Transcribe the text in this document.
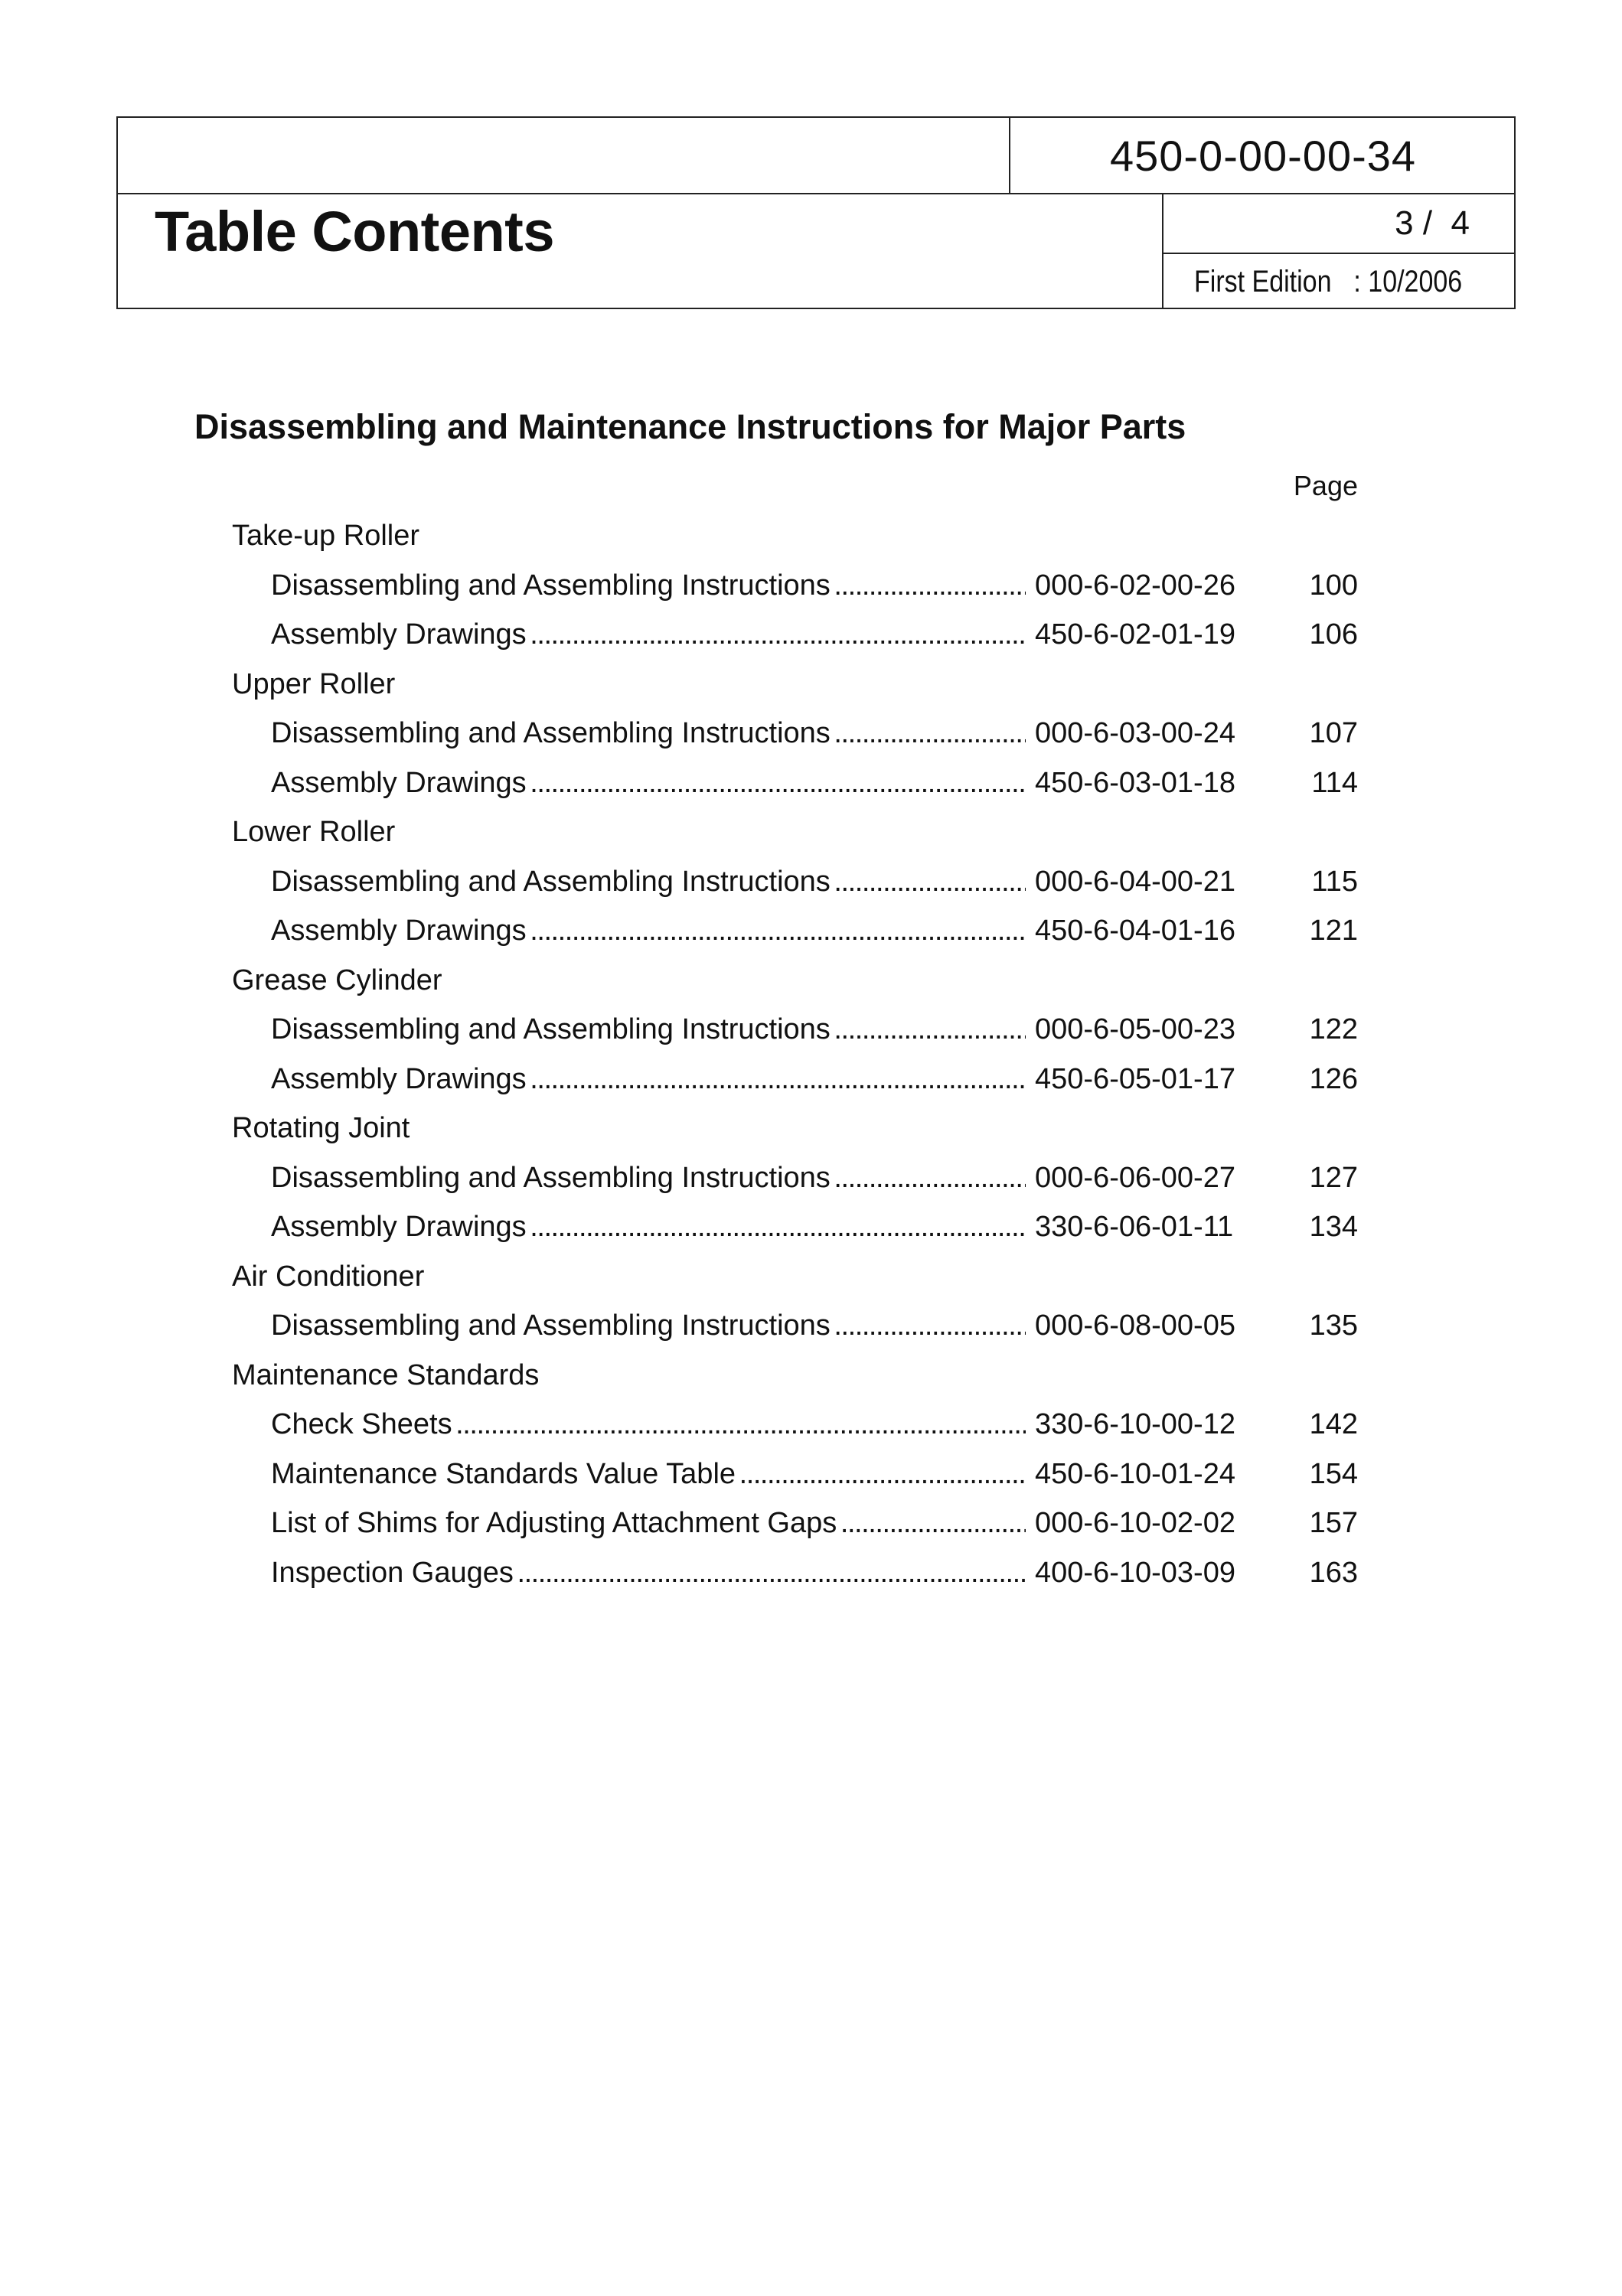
450-0-00-00-34
Table Contents	3 /  4
First Edition : 10/2006
Disassembling and Maintenance Instructions for Major Parts
Page
Take-up Roller
Disassembling and Assembling Instructions . . .	000-6-02-00-26	100
Assembly Drawings . . .	450-6-02-01-19	106
Upper Roller
Disassembling and Assembling Instructions . . .	000-6-03-00-24	107
Assembly Drawings . . .	450-6-03-01-18	114
Lower Roller
Disassembling and Assembling Instructions . . .	000-6-04-00-21	115
Assembly Drawings . . .	450-6-04-01-16	121
Grease Cylinder
Disassembling and Assembling Instructions . . .	000-6-05-00-23	122
Assembly Drawings . . .	450-6-05-01-17	126
Rotating Joint
Disassembling and Assembling Instructions . . .	000-6-06-00-27	127
Assembly Drawings . . .	330-6-06-01-11	134
Air Conditioner
Disassembling and Assembling Instructions . . .	000-6-08-00-05	135
Maintenance Standards
Check Sheets . . .	330-6-10-00-12	142
Maintenance Standards Value Table . . .	450-6-10-01-24	154
List of Shims for Adjusting Attachment Gaps . . .	000-6-10-02-02	157
Inspection Gauges . . .	400-6-10-03-09	163
